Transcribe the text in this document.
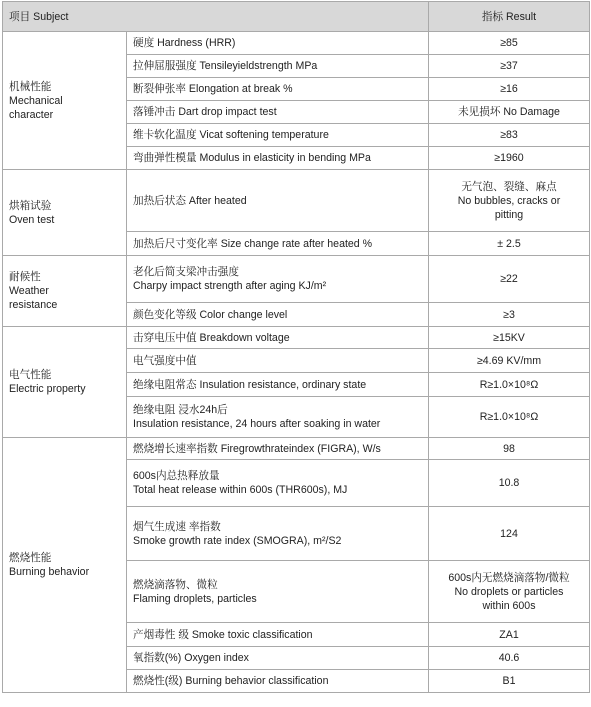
项目 Subject		指标 Result

机械性能
Mechanical
character	硬度 Hardness (HRR)	≥85
	拉伸屈服强度 Tensileyieldstrength MPa	≥37
	断裂伸张率 Elongation at break %	≥16
	落锤冲击 Dart drop impact test	未见损坏 No Damage
	维卡软化温度 Vicat softening temperature	≥83
	弯曲弹性模量 Modulus in elasticity in bending MPa	≥1960

烘箱试验
Oven test	加热后状态 After heated	无气泡、裂缝、麻点
No bubbles, cracks or
pitting

	加热后尺寸变化率 Size change rate after heated %	± 2.5

耐候性
Weather
resistance	老化后简支梁冲击强度
Charpy impact strength after aging KJ/m²	≥22
	颜色变化等级 Color change level	≥3

电气性能
Electric property	击穿电压中值 Breakdown voltage	≥15KV
	电气强度中值	≥4.69 KV/mm
	绝缘电阻常态 Insulation resistance, ordinary state	R≥1.0×10⁸Ω

	绝缘电阻 浸水24h后
Insulation resistance, 24 hours after soaking in water	R≥1.0×10⁸Ω

燃烧性能
Burning behavior	燃烧增长速率指数 Firegrowthrateindex (FIGRA), W/s	98

	600s内总热释放量
Total heat release within 600s (THR600s), MJ	10.8

	烟气生成速 率指数
Smoke growth rate index (SMOGRA), m²/S2	124

	燃烧滴落物、微粒
Flaming droplets, particles	600s内无燃烧滴落物/微粒
No droplets or particles
within 600s

	产烟毒性 级 Smoke toxic classification	ZA1
	氧指数(%) Oxygen index	40.6
	燃烧性(级) Burning behavior classification	B1
